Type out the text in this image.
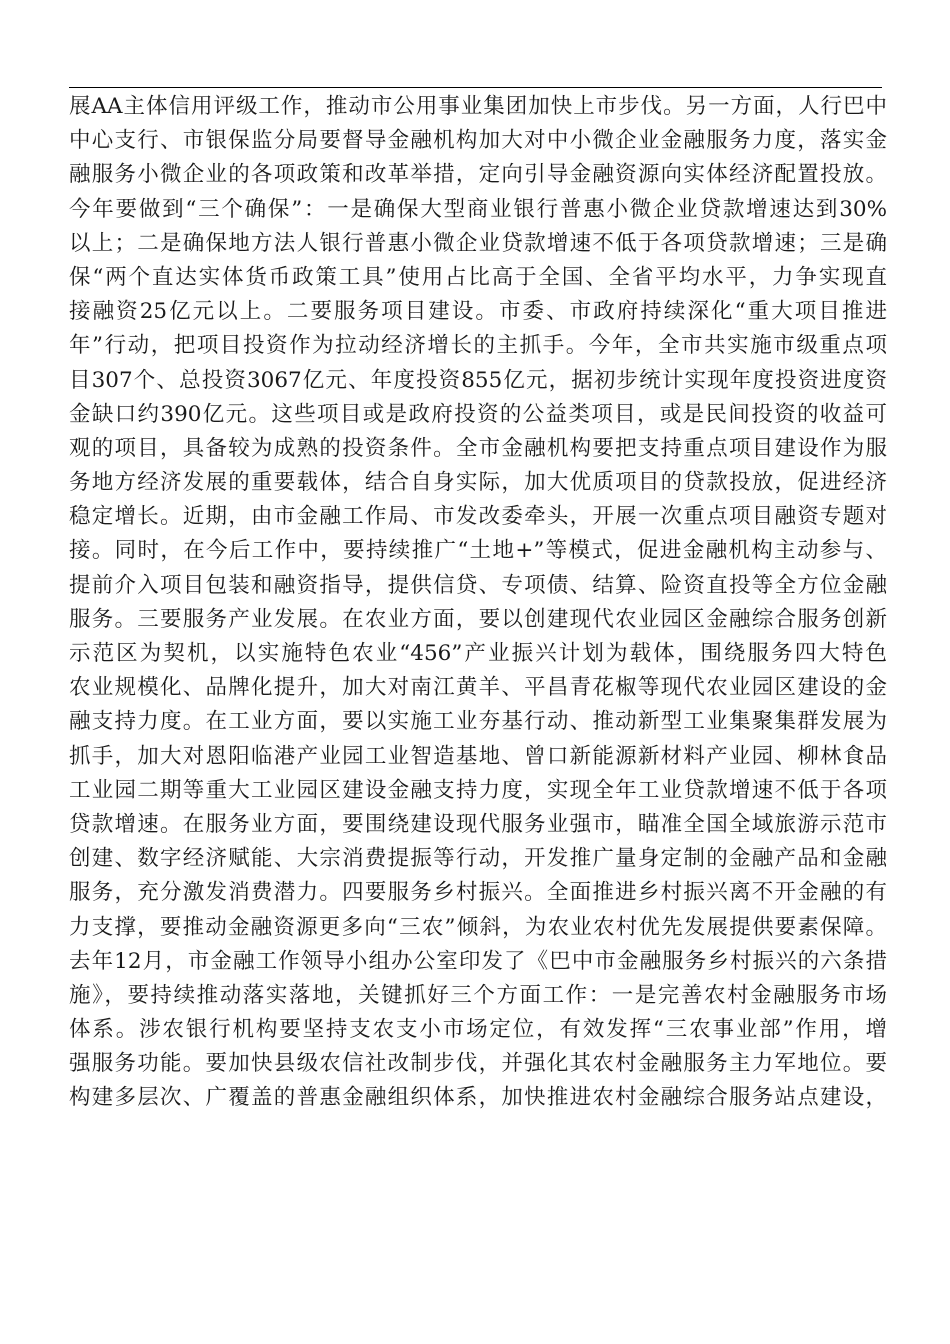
展AA主体信用评级工作，推动市公用事业集团加快上市步伐。另一方面，人行巴中
中心支行、市银保监分局要督导金融机构加大对中小微企业金融服务力度，落实金
融服务小微企业的各项政策和改革举措，定向引导金融资源向实体经济配置投放。
今年要做到“三个确保”：一是确保大型商业银行普惠小微企业贷款增速达到30%
以上；二是确保地方法人银行普惠小微企业贷款增速不低于各项贷款增速；三是确
保“两个直达实体货币政策工具”使用占比高于全国、全省平均水平，力争实现直
接融资25亿元以上。二要服务项目建设。市委、市政府持续深化“重大项目推进
年”行动，把项目投资作为拉动经济增长的主抓手。今年，全市共实施市级重点项
目307个、总投资3067亿元、年度投资855亿元，据初步统计实现年度投资进度资
金缺口约390亿元。这些项目或是政府投资的公益类项目，或是民间投资的收益可
观的项目，具备较为成熟的投资条件。全市金融机构要把支持重点项目建设作为服
务地方经济发展的重要载体，结合自身实际，加大优质项目的贷款投放，促进经济
稳定增长。近期，由市金融工作局、市发改委牵头，开展一次重点项目融资专题对
接。同时，在今后工作中，要持续推广“土地+”等模式，促进金融机构主动参与、
提前介入项目包装和融资指导，提供信贷、专项债、结算、险资直投等全方位金融
服务。三要服务产业发展。在农业方面，要以创建现代农业园区金融综合服务创新
示范区为契机，以实施特色农业“456”产业振兴计划为载体，围绕服务四大特色
农业规模化、品牌化提升，加大对南江黄羊、平昌青花椒等现代农业园区建设的金
融支持力度。在工业方面，要以实施工业夯基行动、推动新型工业集聚集群发展为
抓手，加大对恩阳临港产业园工业智造基地、曾口新能源新材料产业园、柳林食品
工业园二期等重大工业园区建设金融支持力度，实现全年工业贷款增速不低于各项
贷款增速。在服务业方面，要围绕建设现代服务业强市，瞄准全国全域旅游示范市
创建、数字经济赋能、大宗消费提振等行动，开发推广量身定制的金融产品和金融
服务，充分激发消费潜力。四要服务乡村振兴。全面推进乡村振兴离不开金融的有
力支撑，要推动金融资源更多向“三农”倾斜，为农业农村优先发展提供要素保障。
去年12月，市金融工作领导小组办公室印发了《巴中市金融服务乡村振兴的六条措
施》，要持续推动落实落地，关键抓好三个方面工作：一是完善农村金融服务市场
体系。涉农银行机构要坚持支农支小市场定位，有效发挥“三农事业部”作用，增
强服务功能。要加快县级农信社改制步伐，并强化其农村金融服务主力军地位。要
构建多层次、广覆盖的普惠金融组织体系，加快推进农村金融综合服务站点建设，
